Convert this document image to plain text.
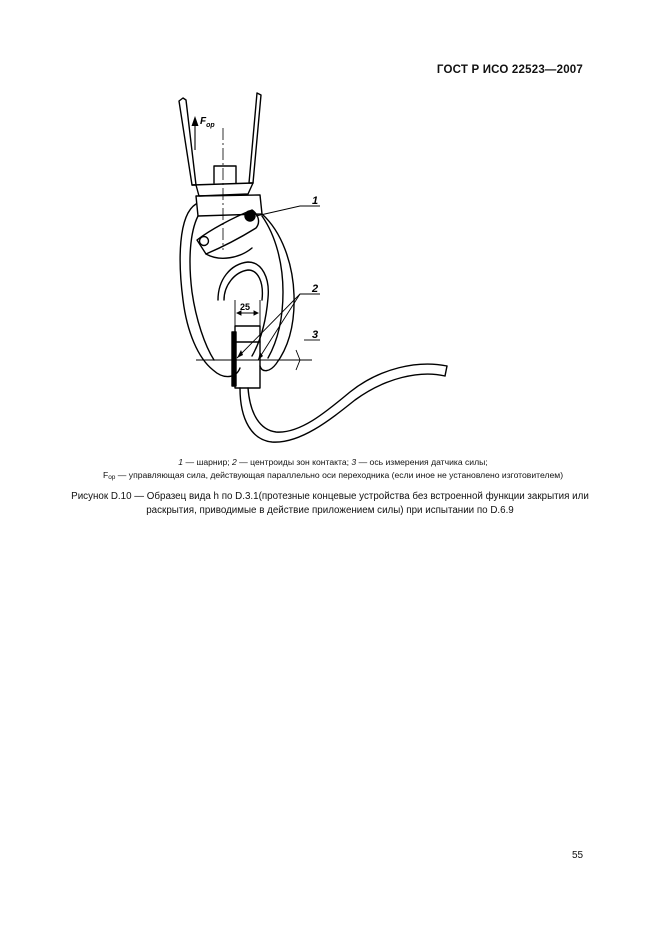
ГОСТ Р ИСО 22523—2007
25
$F_{op}$
1
2
3
1 — шарнир; 2 — центроиды зон контакта; 3 — ось измерения датчика силы;
$F_{op}$ — управляющая сила, действующая параллельно оси переходника (если иное не установлено изготовителем)
Рисунок D.10 — Образец вида h по D.3.1(протезные концевые устройства без встроенной функции закрытия или раскрытия, приводимые в действие приложением силы) при испытании по D.6.9
55
